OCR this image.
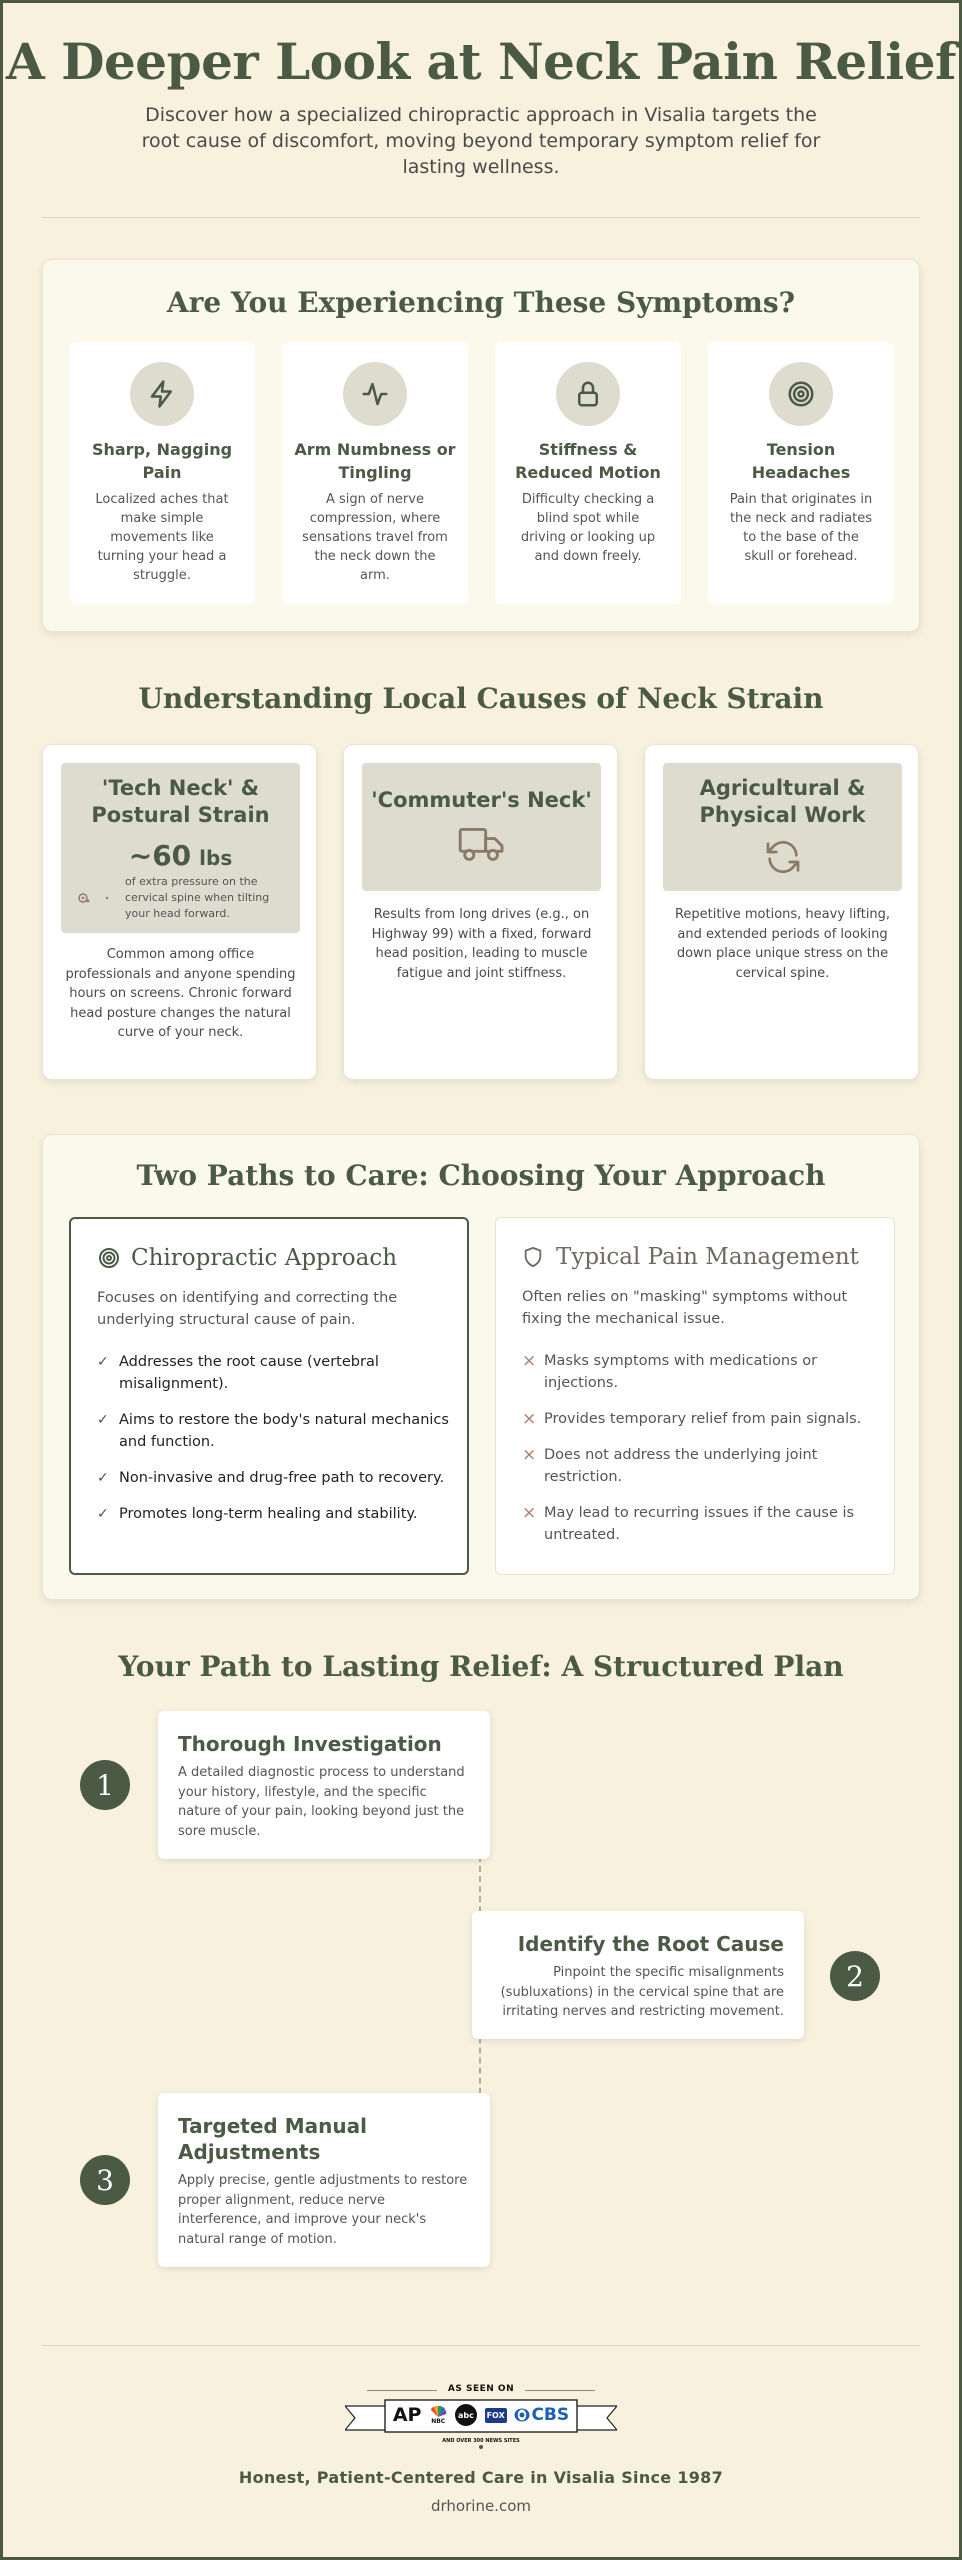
A Deeper Look at Neck Pain Relief

Discover how a specialized chiropractic approach in Visalia targets the root cause of discomfort, moving beyond temporary symptom relief for lasting wellness.

Are You Experiencing These Symptoms?
Sharp, Nagging Pain
Localized aches that make simple movements like turning your head a struggle.
Arm Numbness or Tingling
A sign of nerve compression, where sensations travel from the neck down the arm.
Stiffness & Reduced Motion
Difficulty checking a blind spot while driving or looking up and down freely.
Tension Headaches
Pain that originates in the neck and radiates to the base of the skull or forehead.
Understanding Local Causes of Neck Strain
'Tech Neck' & Postural Strain
~60 lbs
of extra pressure on the cervical spine when tilting your head forward.
Common among office professionals and anyone spending hours on screens. Chronic forward head posture changes the natural curve of your neck.
'Commuter's Neck'
Results from long drives (e.g., on Highway 99) with a fixed, forward head position, leading to muscle fatigue and joint stiffness.
Agricultural & Physical Work
Repetitive motions, heavy lifting, and extended periods of looking down place unique stress on the cervical spine.
Two Paths to Care: Choosing Your Approach
Chiropractic Approach
Focuses on identifying and correcting the underlying structural cause of pain.
✓ Addresses the root cause (vertebral misalignment).
✓ Aims to restore the body's natural mechanics and function.
✓ Non-invasive and drug-free path to recovery.
✓ Promotes long-term healing and stability.
Typical Pain Management
Often relies on "masking" symptoms without fixing the mechanical issue.
× Masks symptoms with medications or injections.
× Provides temporary relief from pain signals.
× Does not address the underlying joint restriction.
× May lead to recurring issues if the cause is untreated.
Your Path to Lasting Relief: A Structured Plan
1
Thorough Investigation
A detailed diagnostic process to understand your history, lifestyle, and the specific nature of your pain, looking beyond just the sore muscle.
Identify the Root Cause
Pinpoint the specific misalignments (subluxations) in the cervical spine that are irritating nerves and restricting movement.
2
3
Targeted Manual Adjustments
Apply precise, gentle adjustments to restore proper alignment, reduce nerve interference, and improve your neck's natural range of motion.
AS SEEN ON
AP NBC
abc	FOX CBS
AND OVER 300 NEWS SITES
Honest, Patient-Centered Care in Visalia Since 1987
drhorine.com
